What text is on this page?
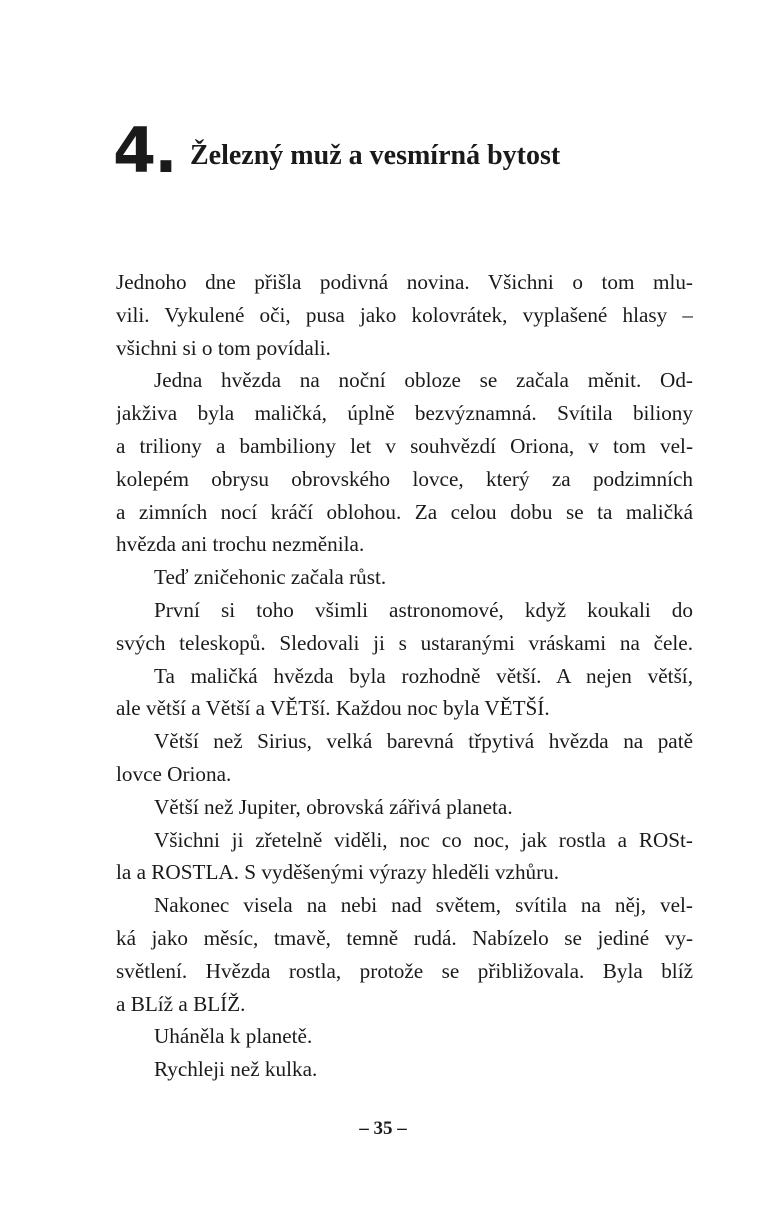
4. Železný muž a vesmírná bytost
Jednoho dne přišla podivná novina. Všichni o tom mlu-
vili. Vykulené oči, pusa jako kolovrátek, vyplašené hlasy –
všichni si o tom povídali.
Jedna hvězda na noční obloze se začala měnit. Od-
jakživa byla maličká, úplně bezvýznamná. Svítila biliony
a triliony a bambiliony let v souhvězdí Oriona, v tom vel-
kolepém obrysu obrovského lovce, který za podzimních
a zimních nocí kráčí oblohou. Za celou dobu se ta maličká
hvězda ani trochu nezměnila.
Teď zničehonic začala růst.
První si toho všimli astronomové, když koukali do
svých teleskopů. Sledovali ji s ustaranými vráskami na čele.
Ta maličká hvězda byla rozhodně větší. A nejen větší,
ale větší a Větší a VĚTší. Každou noc byla VĚTŠÍ.
Větší než Sirius, velká barevná třpytivá hvězda na patě
lovce Oriona.
Větší než Jupiter, obrovská zářivá planeta.
Všichni ji zřetelně viděli, noc co noc, jak rostla a ROSt-
la a ROSTLA. S vyděšenými výrazy hleděli vzhůru.
Nakonec visela na nebi nad světem, svítila na něj, vel-
ká jako měsíc, tmavě, temně rudá. Nabízelo se jediné vy-
světlení. Hvězda rostla, protože se přibližovala. Byla blíž
a BLíž a BLÍŽ.
Uháněla k planetě.
Rychleji než kulka.
– 35 –
